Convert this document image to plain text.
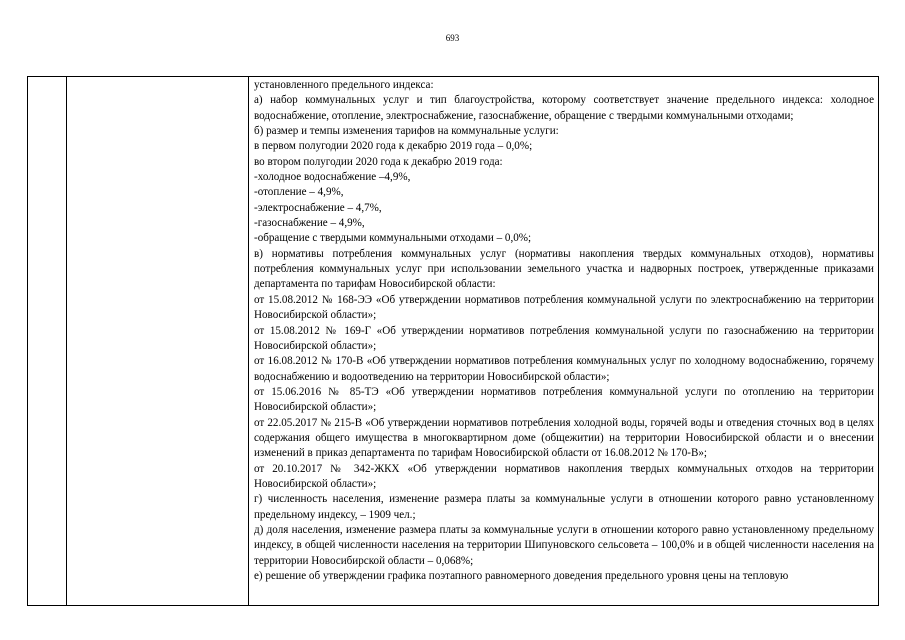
693

установленного предельного индекса:

а) набор коммунальных услуг и тип благоустройства, которому соответствует значение предельного индекса: холодное водоснабжение, отопление, электроснабжение, газоснабжение, обращение с твердыми коммунальными отходами;

б) размер и темпы изменения тарифов на коммунальные услуги:

в первом полугодии 2020 года к декабрю 2019 года – 0,0%;

во втором полугодии 2020 года к декабрю 2019 года:

-холодное водоснабжение –4,9%,

-отопление – 4,9%,

-электроснабжение – 4,7%,

-газоснабжение – 4,9%,

-обращение с твердыми коммунальными отходами – 0,0%;

в) нормативы потребления коммунальных услуг (нормативы накопления твердых коммунальных отходов), нормативы потребления коммунальных услуг при использовании земельного участка и надворных построек, утвержденные приказами департамента по тарифам Новосибирской области:

от 15.08.2012 № 168-ЭЭ «Об утверждении нормативов потребления коммунальной услуги по электроснабжению на территории Новосибирской области»;

от 15.08.2012 № 169-Г «Об утверждении нормативов потребления коммунальной услуги по газоснабжению на территории Новосибирской области»;

от 16.08.2012 № 170-В «Об утверждении нормативов потребления коммунальных услуг по холодному водоснабжению, горячему водоснабжению и водоотведению на территории Новосибирской области»;

от 15.06.2016 № 85-ТЭ «Об утверждении нормативов потребления коммунальной услуги по отоплению на территории Новосибирской области»;

от 22.05.2017 № 215-В «Об утверждении нормативов потребления холодной воды, горячей воды и отведения сточных вод в целях содержания общего имущества в многоквартирном доме (общежитии) на территории Новосибирской области и о внесении изменений в приказ департамента по тарифам Новосибирской области от 16.08.2012 № 170-В»;

от 20.10.2017 № 342-ЖКХ «Об утверждении нормативов накопления твердых коммунальных отходов на территории Новосибирской области»;

г) численность населения, изменение размера платы за коммунальные услуги в отношении которого равно установленному предельному индексу, – 1909 чел.;

д) доля населения, изменение размера платы за коммунальные услуги в отношении которого равно установленному предельному индексу, в общей численности населения на территории Шипуновского сельсовета – 100,0% и в общей численности населения на территории Новосибирской области – 0,068%;

е) решение об утверждении графика поэтапного равномерного доведения предельного уровня цены на тепловую
